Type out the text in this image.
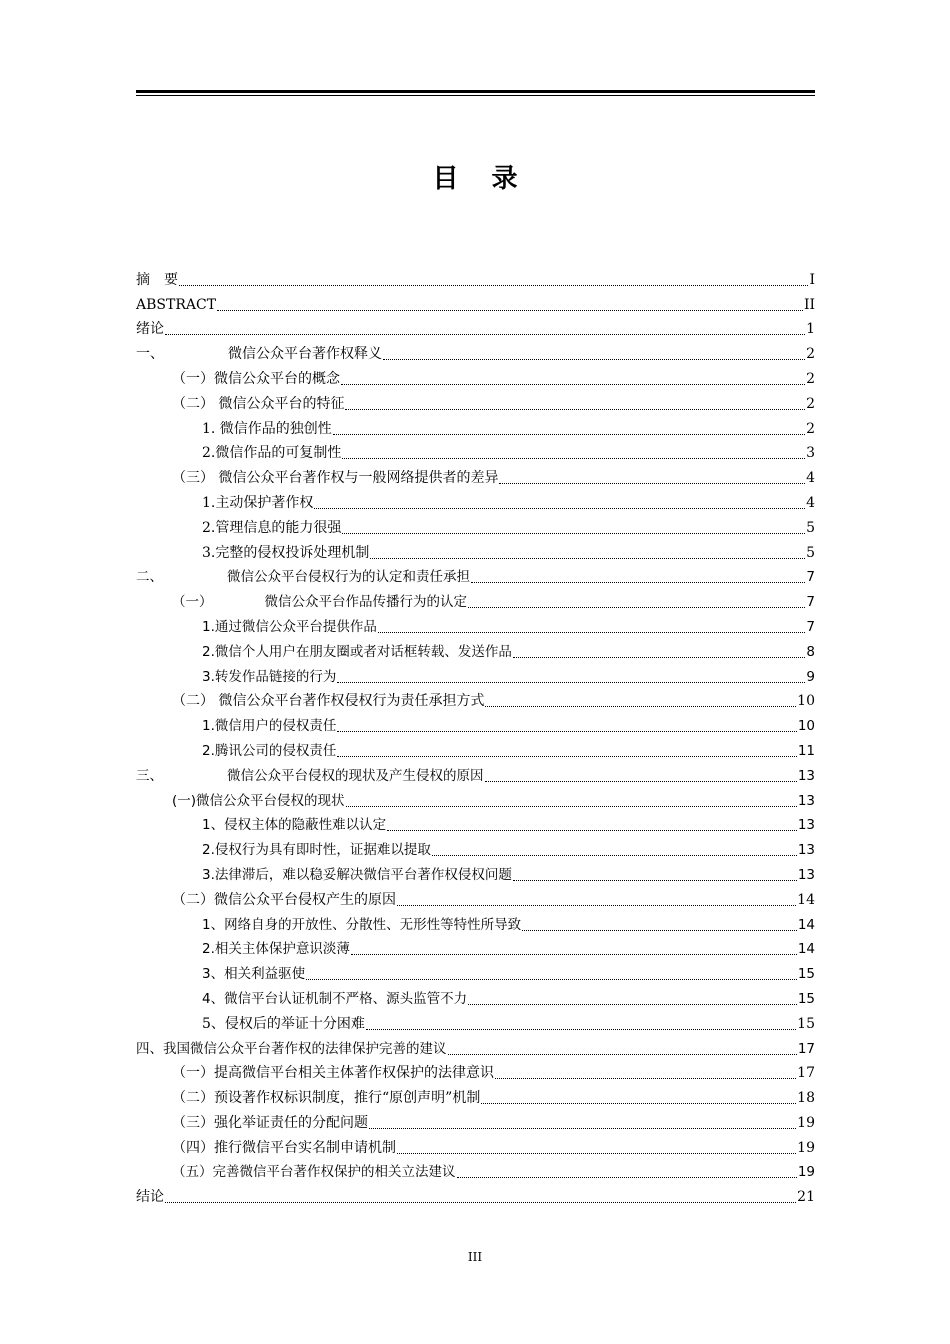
目 录
摘　要	I
ABSTRACT	II
绪论	1
一、	微信公众平台著作权释义	2
（一）微信公众平台的概念	2
（二） 微信公众平台的特征	2
1. 微信作品的独创性	2
2.微信作品的可复制性	3
（三） 微信公众平台著作权与一般网络提供者的差异	4
1.主动保护著作权	4
2.管理信息的能力很强	5
3.完整的侵权投诉处理机制	5
二、	微信公众平台侵权行为的认定和责任承担	7
（一）	微信公众平台作品传播行为的认定	7
1.通过微信公众平台提供作品	7
2.微信个人用户在朋友圈或者对话框转载、发送作品	8
3.转发作品链接的行为	9
（二） 微信公众平台著作权侵权行为责任承担方式	10
1.微信用户的侵权责任	10
2.腾讯公司的侵权责任	11
三、	微信公众平台侵权的现状及产生侵权的原因	13
(一)微信公众平台侵权的现状	13
1、侵权主体的隐蔽性难以认定	13
2.侵权行为具有即时性，证据难以提取	13
3.法律滞后，难以稳妥解决微信平台著作权侵权问题	13
（二）微信公众平台侵权产生的原因	14
1、网络自身的开放性、分散性、无形性等特性所导致	14
2.相关主体保护意识淡薄	14
3、相关利益驱使	15
4、微信平台认证机制不严格、源头监管不力	15
5、侵权后的举证十分困难	15
四、我国微信公众平台著作权的法律保护完善的建议	17
（一）提高微信平台相关主体著作权保护的法律意识	17
（二）预设著作权标识制度，推行“原创声明”机制	18
（三）强化举证责任的分配问题	19
（四）推行微信平台实名制申请机制	19
（五）完善微信平台著作权保护的相关立法建议	19
结论	21
III
